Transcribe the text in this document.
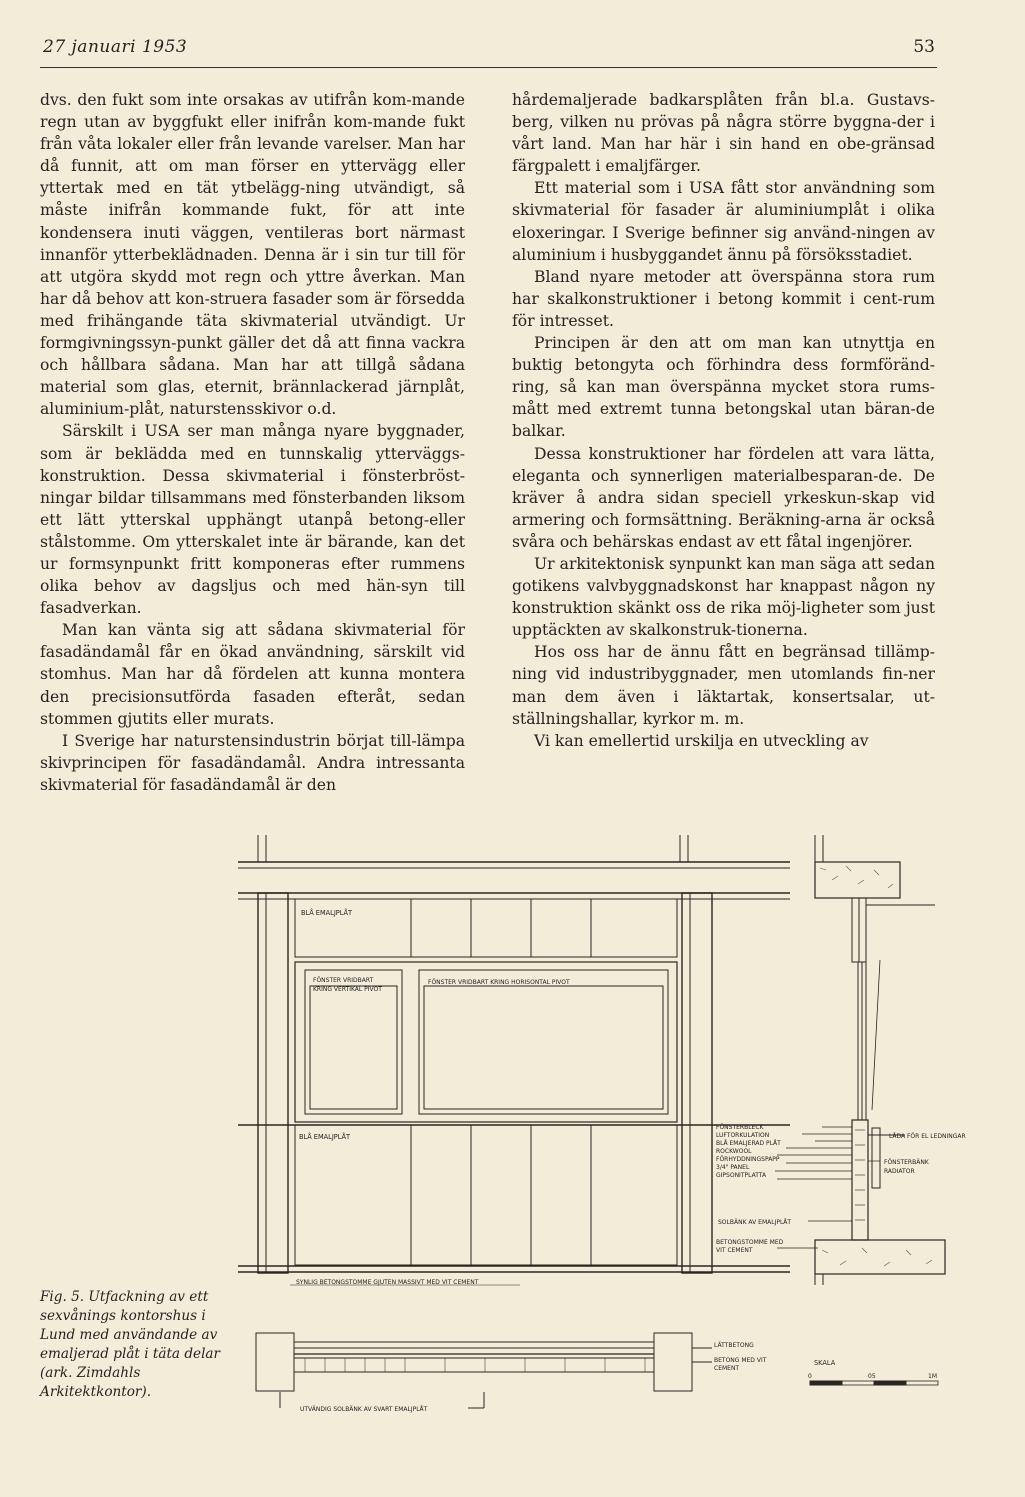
27 januari 1953	53

dvs. den fukt som inte orsakas av utifrån kom-mande regn utan av byggfukt eller inifrån kom-mande fukt från våta lokaler eller från levande varelser. Man har då funnit, att om man förser en yttervägg eller yttertak med en tät ytbelägg-ning utvändigt, så måste inifrån kommande fukt, för att inte kondensera inuti väggen, ventileras bort närmast innanför ytterbeklädnaden. Denna är i sin tur till för att utgöra skydd mot regn och yttre åverkan. Man har då behov att kon-struera fasader som är försedda med frihängande täta skivmaterial utvändigt. Ur formgivningssyn-punkt gäller det då att finna vackra och hållbara sådana. Man har att tillgå sådana material som glas, eternit, brännlackerad järnplåt, aluminium-plåt, naturstensskivor o.d.

Särskilt i USA ser man många nyare byggnader, som är beklädda med en tunnskalig ytterväggs-konstruktion. Dessa skivmaterial i fönsterbröst-ningar bildar tillsammans med fönsterbanden liksom ett lätt ytterskal upphängt utanpå betong-eller stålstomme. Om ytterskalet inte är bärande, kan det ur formsynpunkt fritt komponeras efter rummens olika behov av dagsljus och med hän-syn till fasadverkan.

Man kan vänta sig att sådana skivmaterial för fasadändamål får en ökad användning, särskilt vid stomhus. Man har då fördelen att kunna montera den precisionsutförda fasaden efteråt, sedan stommen gjutits eller murats.

I Sverige har naturstensindustrin börjat till-lämpa skivprincipen för fasadändamål. Andra intressanta skivmaterial för fasadändamål är den

hårdemaljerade badkarsplåten från bl.a. Gustavs-berg, vilken nu prövas på några större byggna-der i vårt land. Man har här i sin hand en obe-gränsad färgpalett i emaljfärger.

Ett material som i USA fått stor användning som skivmaterial för fasader är aluminiumplåt i olika eloxeringar. I Sverige befinner sig använd-ningen av aluminium i husbyggandet ännu på försöksstadiet.

Bland nyare metoder att överspänna stora rum har skalkonstruktioner i betong kommit i cent-rum för intresset.

Principen är den att om man kan utnyttja en buktig betongyta och förhindra dess formföränd-ring, så kan man överspänna mycket stora rums-mått med extremt tunna betongskal utan bäran-de balkar.

Dessa konstruktioner har fördelen att vara lätta, eleganta och synnerligen materialbesparan-de. De kräver å andra sidan speciell yrkeskun-skap vid armering och formsättning. Beräkning-arna är också svåra och behärskas endast av ett fåtal ingenjörer.

Ur arkitektonisk synpunkt kan man säga att sedan gotikens valvbyggnadskonst har knappast någon ny konstruktion skänkt oss de rika möj-ligheter som just upptäckten av skalkonstruk-tionerna.

Hos oss har de ännu fått en begränsad tillämp-ning vid industribyggnader, men utomlands fin-ner man dem även i läktartak, konsertsalar, ut-ställningshallar, kyrkor m. m.

Vi kan emellertid urskilja en utveckling av

Fig. 5. Utfackning av ett sexvånings kontorshus i Lund med användande av emaljerad plåt i täta delar (ark. Zimdahls Arkitektkontor).
BLÅ EMALJPLÅT
FÖNSTER VRIDBART
KRING VERTIKAL PIVOT
FÖNSTER VRIDBART KRING HORISONTAL PIVOT
BLÅ EMALJPLÅT
SYNLIG BETONGSTOMME GJUTEN MASSIVT MED VIT CEMENT
UTVÄNDIG SOLBÄNK AV SVART EMALJPLÅT
LÄTTBETONG
BETONG MED VIT
CEMENT
FÖNSTERBLECK
LUFTORKULATION
BLÅ EMALJERAD PLÅT
ROCKWOOL
FÖRHYDDNINGSPAPP
3/4" PANEL
GIPSONITPLATTA
LÅDA FÖR EL LEDNINGAR
FÖNSTERBÄNK
RADIATOR
SOLBÄNK AV EMALJPLÅT
BETONGSTOMME MED
VIT CEMENT
SKALA
0	05	1M
